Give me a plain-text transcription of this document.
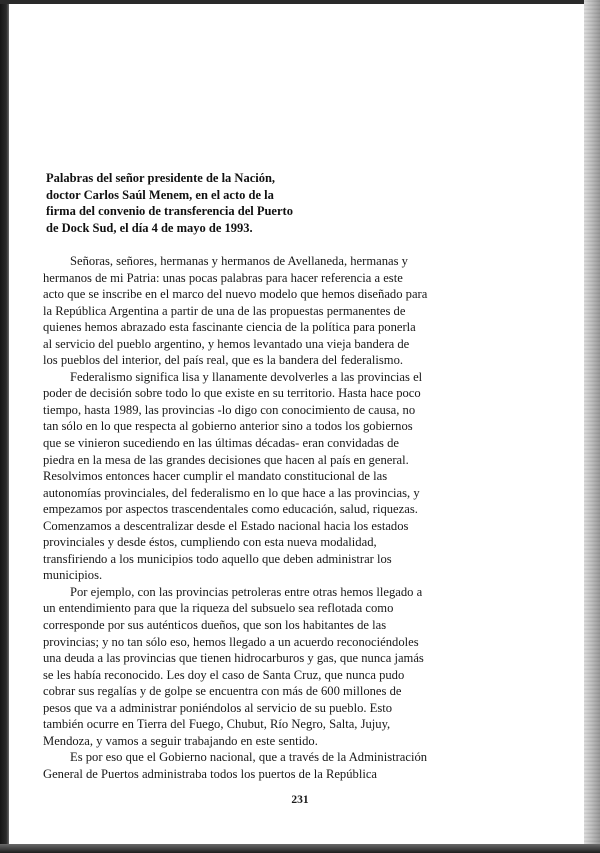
Palabras del señor presidente de la Nación,
doctor Carlos Saúl Menem, en el acto de la
firma del convenio de transferencia del Puerto
de Dock Sud, el día 4 de mayo de 1993.
Señoras, señores, hermanas y hermanos de Avellaneda, hermanas y
hermanos de mi Patria: unas pocas palabras para hacer referencia a este
acto que se inscribe en el marco del nuevo modelo que hemos diseñado para
la República Argentina a partir de una de las propuestas permanentes de
quienes hemos abrazado esta fascinante ciencia de la política para ponerla
al servicio del pueblo argentino, y hemos levantado una vieja bandera de
los pueblos del interior, del país real, que es la bandera del federalismo.
Federalismo significa lisa y llanamente devolverles a las provincias el
poder de decisión sobre todo lo que existe en su territorio. Hasta hace poco
tiempo, hasta 1989, las provincias -lo digo con conocimiento de causa, no
tan sólo en lo que respecta al gobierno anterior sino a todos los gobiernos
que se vinieron sucediendo en las últimas décadas- eran convidadas de
piedra en la mesa de las grandes decisiones que hacen al país en general.
Resolvimos entonces hacer cumplir el mandato constitucional de las
autonomías provinciales, del federalismo en lo que hace a las provincias, y
empezamos por aspectos trascendentales como educación, salud, riquezas.
Comenzamos a descentralizar desde el Estado nacional hacia los estados
provinciales y desde éstos, cumpliendo con esta nueva modalidad,
transfiriendo a los municipios todo aquello que deben administrar los
municipios.
Por ejemplo, con las provincias petroleras entre otras hemos llegado a
un entendimiento para que la riqueza del subsuelo sea reflotada como
corresponde por sus auténticos dueños, que son los habitantes de las
provincias; y no tan sólo eso, hemos llegado a un acuerdo reconociéndoles
una deuda a las provincias que tienen hidrocarburos y gas, que nunca jamás
se les había reconocido. Les doy el caso de Santa Cruz, que nunca pudo
cobrar sus regalías y de golpe se encuentra con más de 600 millones de
pesos que va a administrar poniéndolos al servicio de su pueblo. Esto
también ocurre en Tierra del Fuego, Chubut, Río Negro, Salta, Jujuy,
Mendoza, y vamos a seguir trabajando en este sentido.
Es por eso que el Gobierno nacional, que a través de la Administración
General de Puertos administraba todos los puertos de la República
231
